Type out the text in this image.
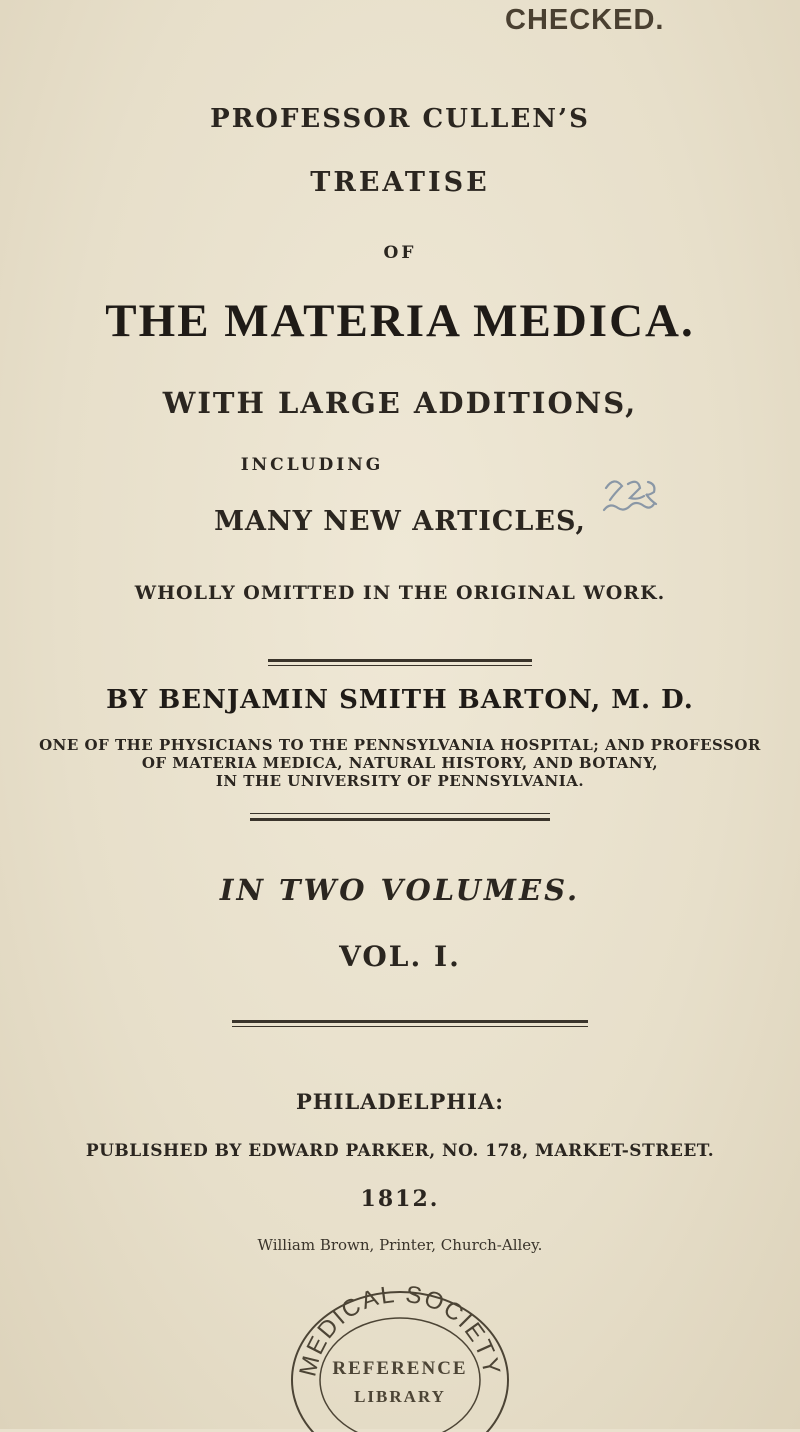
CHECKED.
PROFESSOR CULLEN’S
TREATISE
OF
THE MATERIA MEDICA.
WITH LARGE ADDITIONS,
INCLUDING
MANY NEW ARTICLES,
WHOLLY OMITTED IN THE ORIGINAL WORK.
BY BENJAMIN SMITH BARTON, M. D.
ONE OF THE PHYSICIANS TO THE PENNSYLVANIA HOSPITAL; AND PROFESSOR
OF MATERIA MEDICA, NATURAL HISTORY, AND BOTANY,
IN THE UNIVERSITY OF PENNSYLVANIA.
IN TWO VOLUMES.
VOL. I.
PHILADELPHIA:
PUBLISHED BY EDWARD PARKER, NO. 178, MARKET-STREET.
1812.
William Brown, Printer, Church-Alley.
MEDICAL SOCIETY
REFERENCE
LIBRARY
